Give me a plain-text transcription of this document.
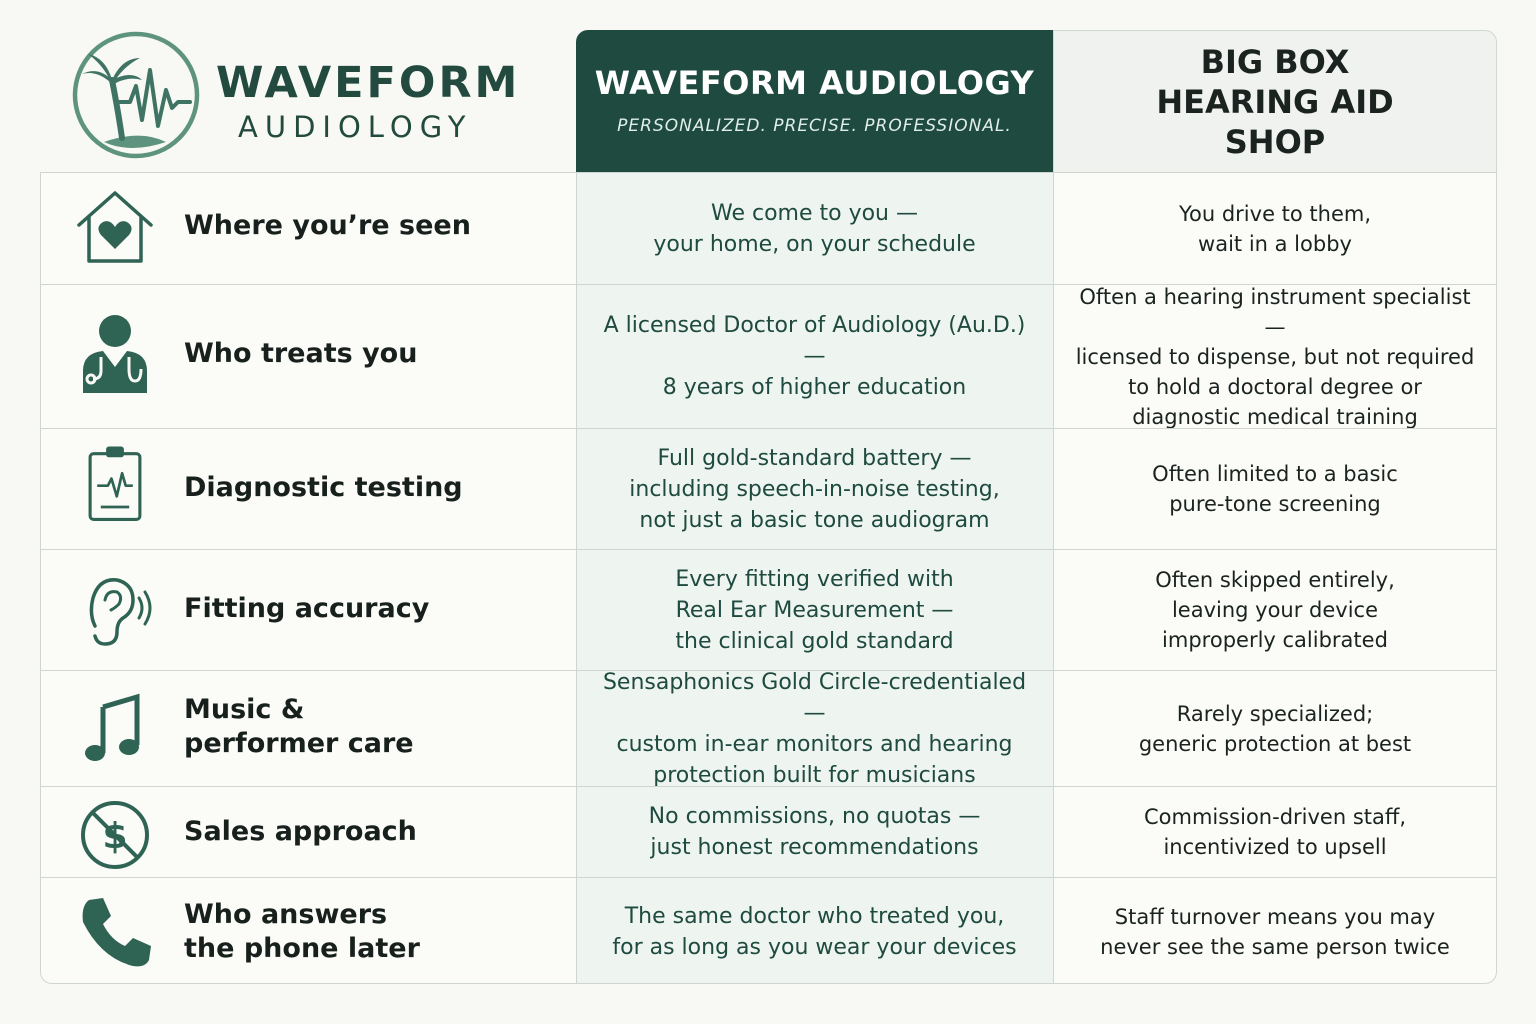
WAVEFORM
AUDIOLOGY
WAVEFORM AUDIOLOGY
PERSONALIZED. PRECISE. PROFESSIONAL.
BIG BOX HEARING AID SHOP
Where you’re seen	We come to you —
your home, on your schedule
You drive to them,
wait in a lobby
Who treats you
A licensed Doctor of Audiology (Au.D.) —
8 years of higher education
Often a hearing instrument specialist —
licensed to dispense, but not required
to hold a doctoral degree or
diagnostic medical training
Diagnostic testing
Full gold-standard battery —
including speech-in-noise testing,
not just a basic tone audiogram
Often limited to a basic
pure-tone screening
Fitting accuracy
Every fitting verified with
Real Ear Measurement —
the clinical gold standard
Often skipped entirely,
leaving your device
improperly calibrated
Music &
performer care
Sensaphonics Gold Circle-credentialed —
custom in-ear monitors and hearing
protection built for musicians
Rarely specialized;
generic protection at best
$ Sales approach	No commissions, no quotas —
just honest recommendations
Commission-driven staff,
incentivized to upsell
Who answers
the phone later
The same doctor who treated you,
for as long as you wear your devices
Staff turnover means you may
never see the same person twice
